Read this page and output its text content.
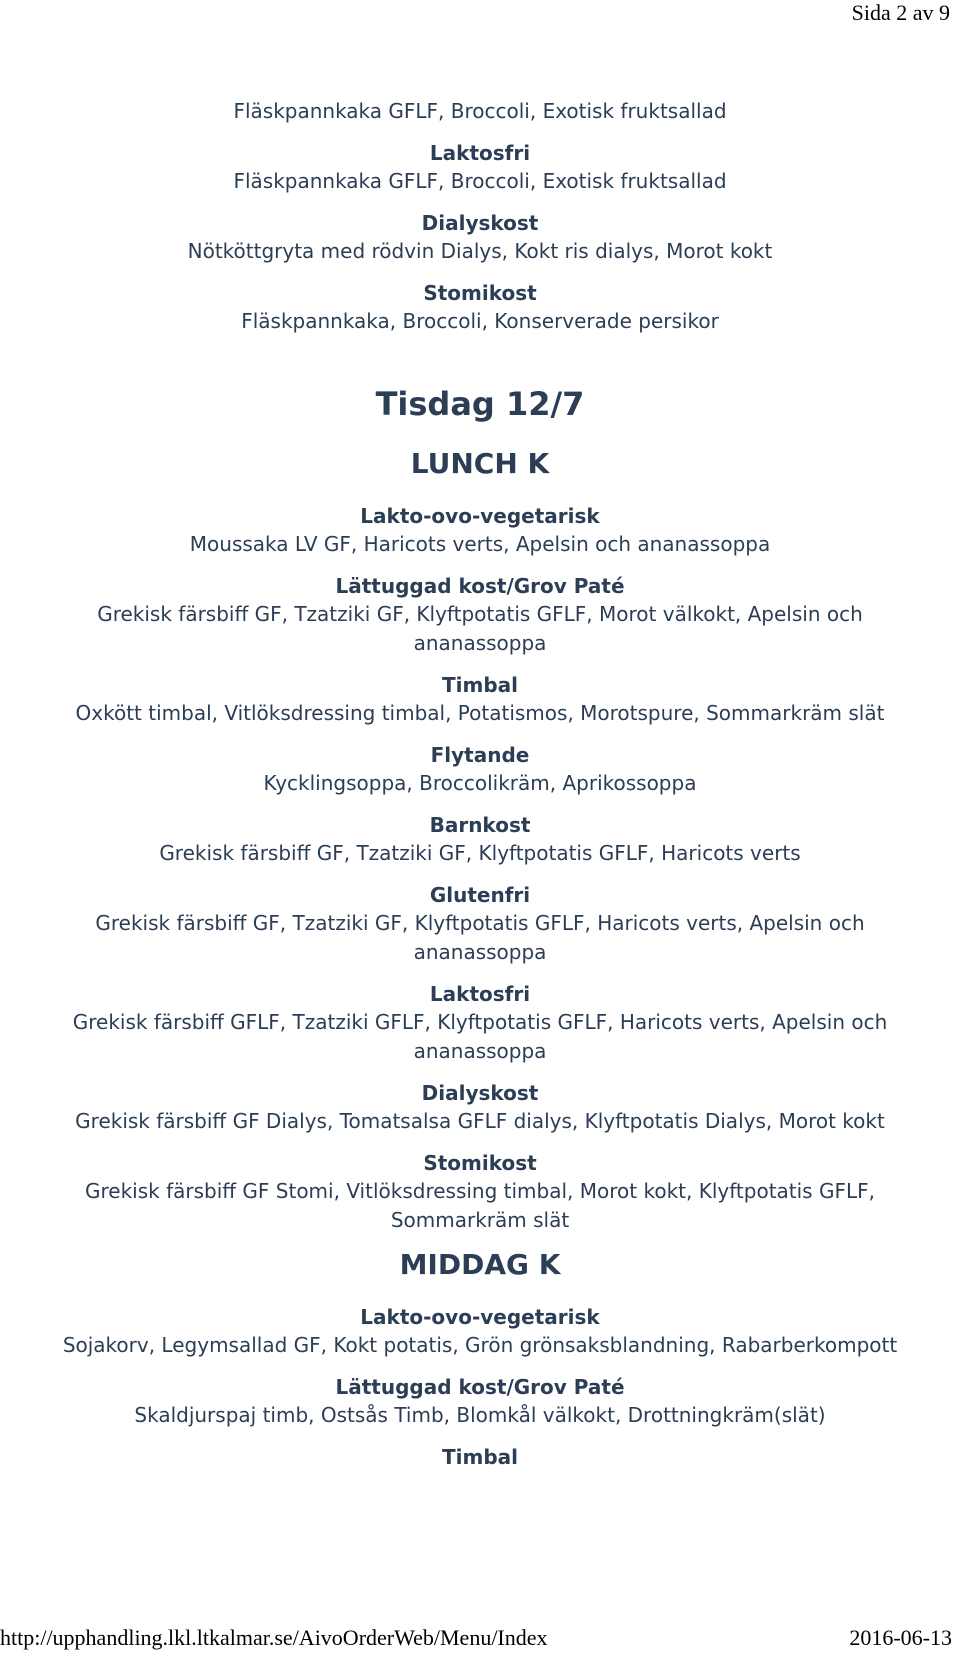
Sida 2 av 9

Fläskpannkaka GFLF, Broccoli, Exotisk fruktsallad

Laktosfri

Fläskpannkaka GFLF, Broccoli, Exotisk fruktsallad

Dialyskost

Nötköttgryta med rödvin Dialys, Kokt ris dialys, Morot kokt

Stomikost

Fläskpannkaka, Broccoli, Konserverade persikor

Tisdag 12/7

LUNCH K

Lakto-ovo-vegetarisk

Moussaka LV GF, Haricots verts, Apelsin och ananassoppa

Lättuggad kost/Grov Paté

Grekisk färsbiff GF, Tzatziki GF, Klyftpotatis GFLF, Morot välkokt, Apelsin och

ananassoppa

Timbal

Oxkött timbal, Vitlöksdressing timbal, Potatismos, Morotspure, Sommarkräm slät

Flytande

Kycklingsoppa, Broccolikräm, Aprikossoppa

Barnkost

Grekisk färsbiff GF, Tzatziki GF, Klyftpotatis GFLF, Haricots verts

Glutenfri

Grekisk färsbiff GF, Tzatziki GF, Klyftpotatis GFLF, Haricots verts, Apelsin och

ananassoppa

Laktosfri

Grekisk färsbiff GFLF, Tzatziki GFLF, Klyftpotatis GFLF, Haricots verts, Apelsin och

ananassoppa

Dialyskost

Grekisk färsbiff GF Dialys, Tomatsalsa GFLF dialys, Klyftpotatis Dialys, Morot kokt

Stomikost

Grekisk färsbiff GF Stomi, Vitlöksdressing timbal, Morot kokt, Klyftpotatis GFLF,

Sommarkräm slät

MIDDAG K

Lakto-ovo-vegetarisk

Sojakorv, Legymsallad GF, Kokt potatis, Grön grönsaksblandning, Rabarberkompott

Lättuggad kost/Grov Paté

Skaldjurspaj timb, Ostsås Timb, Blomkål välkokt, Drottningkräm(slät)

Timbal

http://upphandling.lkl.ltkalmar.se/AivoOrderWeb/Menu/Index	2016-06-13
